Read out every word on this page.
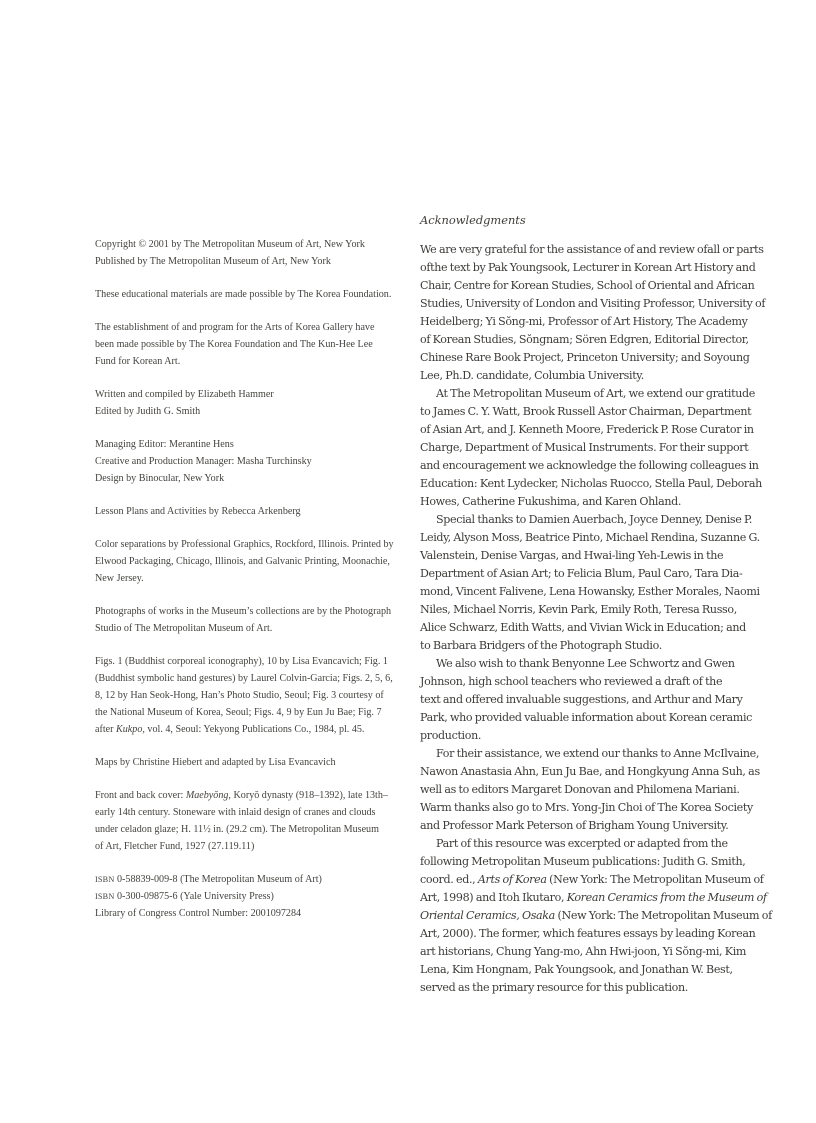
Copyright © 2001 by The Metropolitan Museum of Art, New York
Published by The Metropolitan Museum of Art, New York

These educational materials are made possible by The Korea Foundation.

The establishment of and program for the Arts of Korea Gallery have
been made possible by The Korea Foundation and The Kun-Hee Lee
Fund for Korean Art.

Written and compiled by Elizabeth Hammer
Edited by Judith G. Smith

Managing Editor: Merantine Hens
Creative and Production Manager: Masha Turchinsky
Design by Binocular, New York

Lesson Plans and Activities by Rebecca Arkenberg

Color separations by Professional Graphics, Rockford, Illinois. Printed by
Elwood Packaging, Chicago, Illinois, and Galvanic Printing, Moonachie,
New Jersey.

Photographs of works in the Museum’s collections are by the Photograph
Studio of The Metropolitan Museum of Art.

Figs. 1 (Buddhist corporeal iconography), 10 by Lisa Evancavich; Fig. 1
(Buddhist symbolic hand gestures) by Laurel Colvin-Garcia; Figs. 2, 5, 6,
8, 12 by Han Seok-Hong, Han’s Photo Studio, Seoul; Fig. 3 courtesy of
the National Museum of Korea, Seoul; Figs. 4, 9 by Eun Ju Bae; Fig. 7
after Kukpo, vol. 4, Seoul: Yekyong Publications Co., 1984, pl. 45.

Maps by Christine Hiebert and adapted by Lisa Evancavich

Front and back cover: Maebyŏng, Koryŏ dynasty (918–1392), late 13th–
early 14th century. Stoneware with inlaid design of cranes and clouds
under celadon glaze; H. 11½ in. (29.2 cm). The Metropolitan Museum
of Art, Fletcher Fund, 1927 (27.119.11)

ISBN 0-58839-009-8 (The Metropolitan Museum of Art)
ISBN 0-300-09875-6 (Yale University Press)
Library of Congress Control Number: 2001097284

Acknowledgments
We are very grateful for the assistance of and review ofall or parts
ofthe text by Pak Youngsook, Lecturer in Korean Art History and
Chair, Centre for Korean Studies, School of Oriental and African
Studies, University of London and Visiting Professor, University of
Heidelberg; Yi Sŏng-mi, Professor of Art History, The Academy
of Korean Studies, Sŏngnam; Sören Edgren, Editorial Director,
Chinese Rare Book Project, Princeton University; and Soyoung
Lee, Ph.D. candidate, Columbia University.
At The Metropolitan Museum of Art, we extend our gratitude
to James C. Y. Watt, Brook Russell Astor Chairman, Department
of Asian Art, and J. Kenneth Moore, Frederick P. Rose Curator in
Charge, Department of Musical Instruments. For their support
and encouragement we acknowledge the following colleagues in
Education: Kent Lydecker, Nicholas Ruocco, Stella Paul, Deborah
Howes, Catherine Fukushima, and Karen Ohland.
Special thanks to Damien Auerbach, Joyce Denney, Denise P.
Leidy, Alyson Moss, Beatrice Pinto, Michael Rendina, Suzanne G.
Valenstein, Denise Vargas, and Hwai-ling Yeh-Lewis in the
Department of Asian Art; to Felicia Blum, Paul Caro, Tara Dia-
mond, Vincent Falivene, Lena Howansky, Esther Morales, Naomi
Niles, Michael Norris, Kevin Park, Emily Roth, Teresa Russo,
Alice Schwarz, Edith Watts, and Vivian Wick in Education; and
to Barbara Bridgers of the Photograph Studio.
We also wish to thank Benyonne Lee Schwortz and Gwen
Johnson, high school teachers who reviewed a draft of the
text and offered invaluable suggestions, and Arthur and Mary
Park, who provided valuable information about Korean ceramic
production.
For their assistance, we extend our thanks to Anne McIlvaine,
Nawon Anastasia Ahn, Eun Ju Bae, and Hongkyung Anna Suh, as
well as to editors Margaret Donovan and Philomena Mariani.
Warm thanks also go to Mrs. Yong-Jin Choi of The Korea Society
and Professor Mark Peterson of Brigham Young University.
Part of this resource was excerpted or adapted from the
following Metropolitan Museum publications: Judith G. Smith,
coord. ed., Arts of Korea (New York: The Metropolitan Museum of
Art, 1998) and Itoh Ikutaro, Korean Ceramics from the Museum of
Oriental Ceramics, Osaka (New York: The Metropolitan Museum of
Art, 2000). The former, which features essays by leading Korean
art historians, Chung Yang-mo, Ahn Hwi-joon, Yi Sŏng-mi, Kim
Lena, Kim Hongnam, Pak Youngsook, and Jonathan W. Best,
served as the primary resource for this publication.
